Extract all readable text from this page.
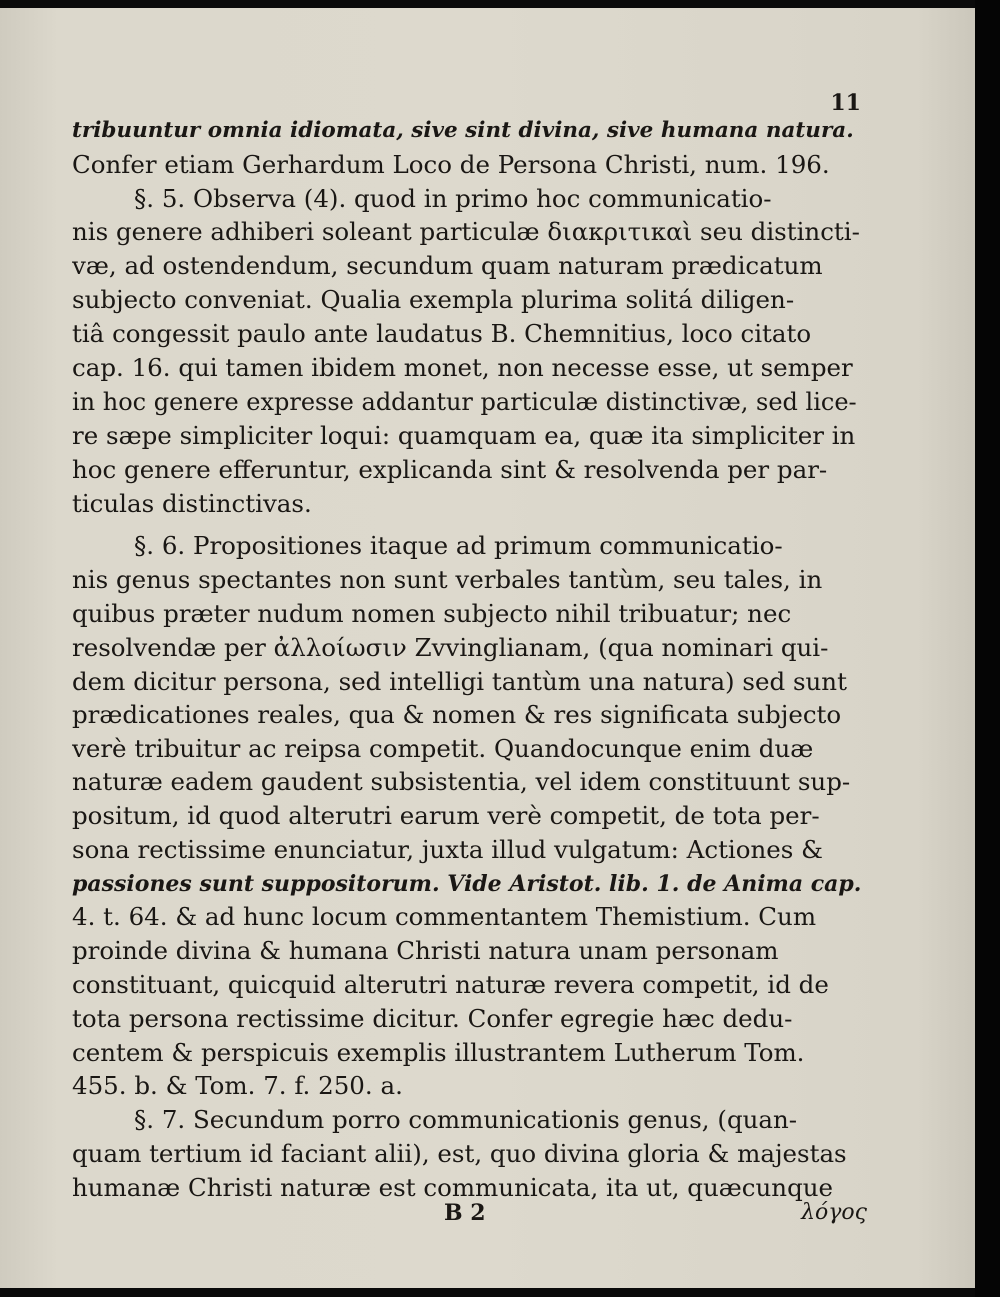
11
tribuuntur omnia idiomata, sive sint divina, sive humana natura.
Confer etiam Gerhardum Loco de Persona Christi, num. 196.
§. 5. Observa (4). quod in primo hoc communicatio-
nis genere adhiberi soleant particulæ διακριτικαὶ seu distincti-
væ, ad ostendendum, secundum quam naturam prædicatum
subjecto conveniat. Qualia exempla plurima solitá diligen-
tiâ congessit paulo ante laudatus B. Chemnitius, loco citato
cap. 16. qui tamen ibidem monet, non necesse esse, ut semper
in hoc genere expresse addantur particulæ distinctivæ, sed lice-
re sæpe simpliciter loqui: quamquam ea, quæ ita simpliciter in
hoc genere efferuntur, explicanda sint & resolvenda per par-
ticulas distinctivas.
§. 6. Propositiones itaque ad primum communicatio-
nis genus spectantes non sunt verbales tantùm, seu tales, in
quibus præter nudum nomen subjecto nihil tribuatur; nec
resolvendæ per ἀλλοίωσιν Zvvinglianam, (qua nominari qui-
dem dicitur persona, sed intelligi tantùm una natura) sed sunt
prædicationes reales, qua & nomen & res significata subjecto
verè tribuitur ac reipsa competit. Quandocunque enim duæ
naturæ eadem gaudent subsistentia, vel idem constituunt sup-
positum, id quod alterutri earum verè competit, de tota per-
sona rectissime enunciatur, juxta illud vulgatum: Actiones &
passiones sunt suppositorum. Vide Aristot. lib. 1. de Anima cap.
4. t. 64. & ad hunc locum commentantem Themistium. Cum
proinde divina & humana Christi natura unam personam
constituant, quicquid alterutri naturæ revera competit, id de
tota persona rectissime dicitur. Confer egregie hæc dedu-
centem & perspicuis exemplis illustrantem Lutherum Tom.
455. b. & Tom. 7. f. 250. a.
§. 7. Secundum porro communicationis genus, (quan-
quam tertium id faciant alii), est, quo divina gloria & majestas
humanæ Christi naturæ est communicata, ita ut, quæcunque
B 2	λόγος
